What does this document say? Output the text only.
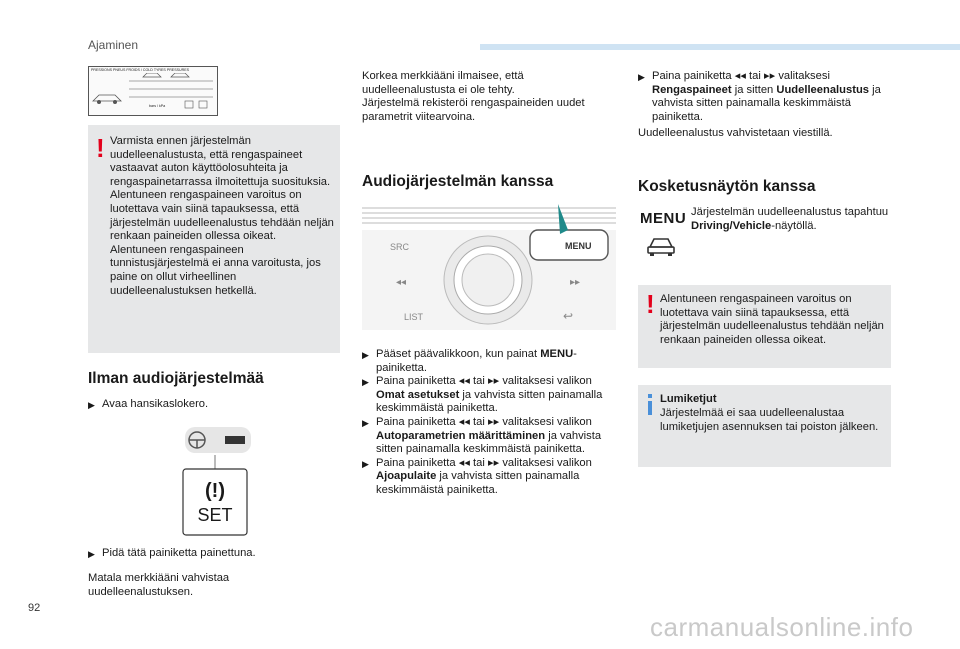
Ajaminen
PRESSIONS PNEUS FROIDS / COLD TYRES PRESSURES
bars / kPa
! Varmista ennen järjestelmän uudelleenalustusta, että rengaspaineet vastaavat auton käyttöolosuhteita ja rengaspainetarrassa ilmoitettuja suosituksia.
Alentuneen rengaspaineen varoitus on luotettava vain siinä tapauksessa, että järjestelmän uudelleenalustus tehdään neljän renkaan paineiden ollessa oikeat.
Alentuneen rengaspaineen tunnistusjärjestelmä ei anna varoitusta, jos paine on ollut virheellinen uudelleenalustuksen hetkellä.
Ilman audiojärjestelmää
▶ Avaa hansikaslokero.
(!)
SET
▶ Pidä tätä painiketta painettuna.
Matala merkkiääni vahvistaa uudelleenalustuksen.
Korkea merkkiääni ilmaisee, että uudelleenalustusta ei ole tehty.
Järjestelmä rekisteröi rengaspaineiden uudet parametrit viitearvoina.
Audiojärjestelmän kanssa
SRC	MENU
◂◂	▸▸
LIST	↩
▶ Pääset päävalikkoon, kun painat MENU-painiketta.
▶ Paina painiketta ◂◂ tai ▸▸ valitaksesi valikon Omat asetukset ja vahvista sitten painamalla keskimmäistä painiketta.
▶ Paina painiketta ◂◂ tai ▸▸ valitaksesi valikon Autoparametrien määrittäminen ja vahvista sitten painamalla keskimmäistä painiketta.
▶ Paina painiketta ◂◂ tai ▸▸ valitaksesi valikon Ajoapulaite ja vahvista sitten painamalla keskimmäistä painiketta.
▶ Paina painiketta ◂◂ tai ▸▸ valitaksesi Rengaspaineet ja sitten Uudelleenalustus ja vahvista sitten painamalla keskimmäistä painiketta.
Uudelleenalustus vahvistetaan viestillä.
Kosketusnäytön kanssa
MENU Järjestelmän uudelleenalustus tapahtuu Driving/Vehicle-näytöllä.
! Alentuneen rengaspaineen varoitus on luotettava vain siinä tapauksessa, että järjestelmän uudelleenalustus tehdään neljän renkaan paineiden ollessa oikeat.
Lumiketjut
Järjestelmää ei saa uudelleenalustaa lumiketjujen asennuksen tai poiston jälkeen.
92
carmanualsonline.info
